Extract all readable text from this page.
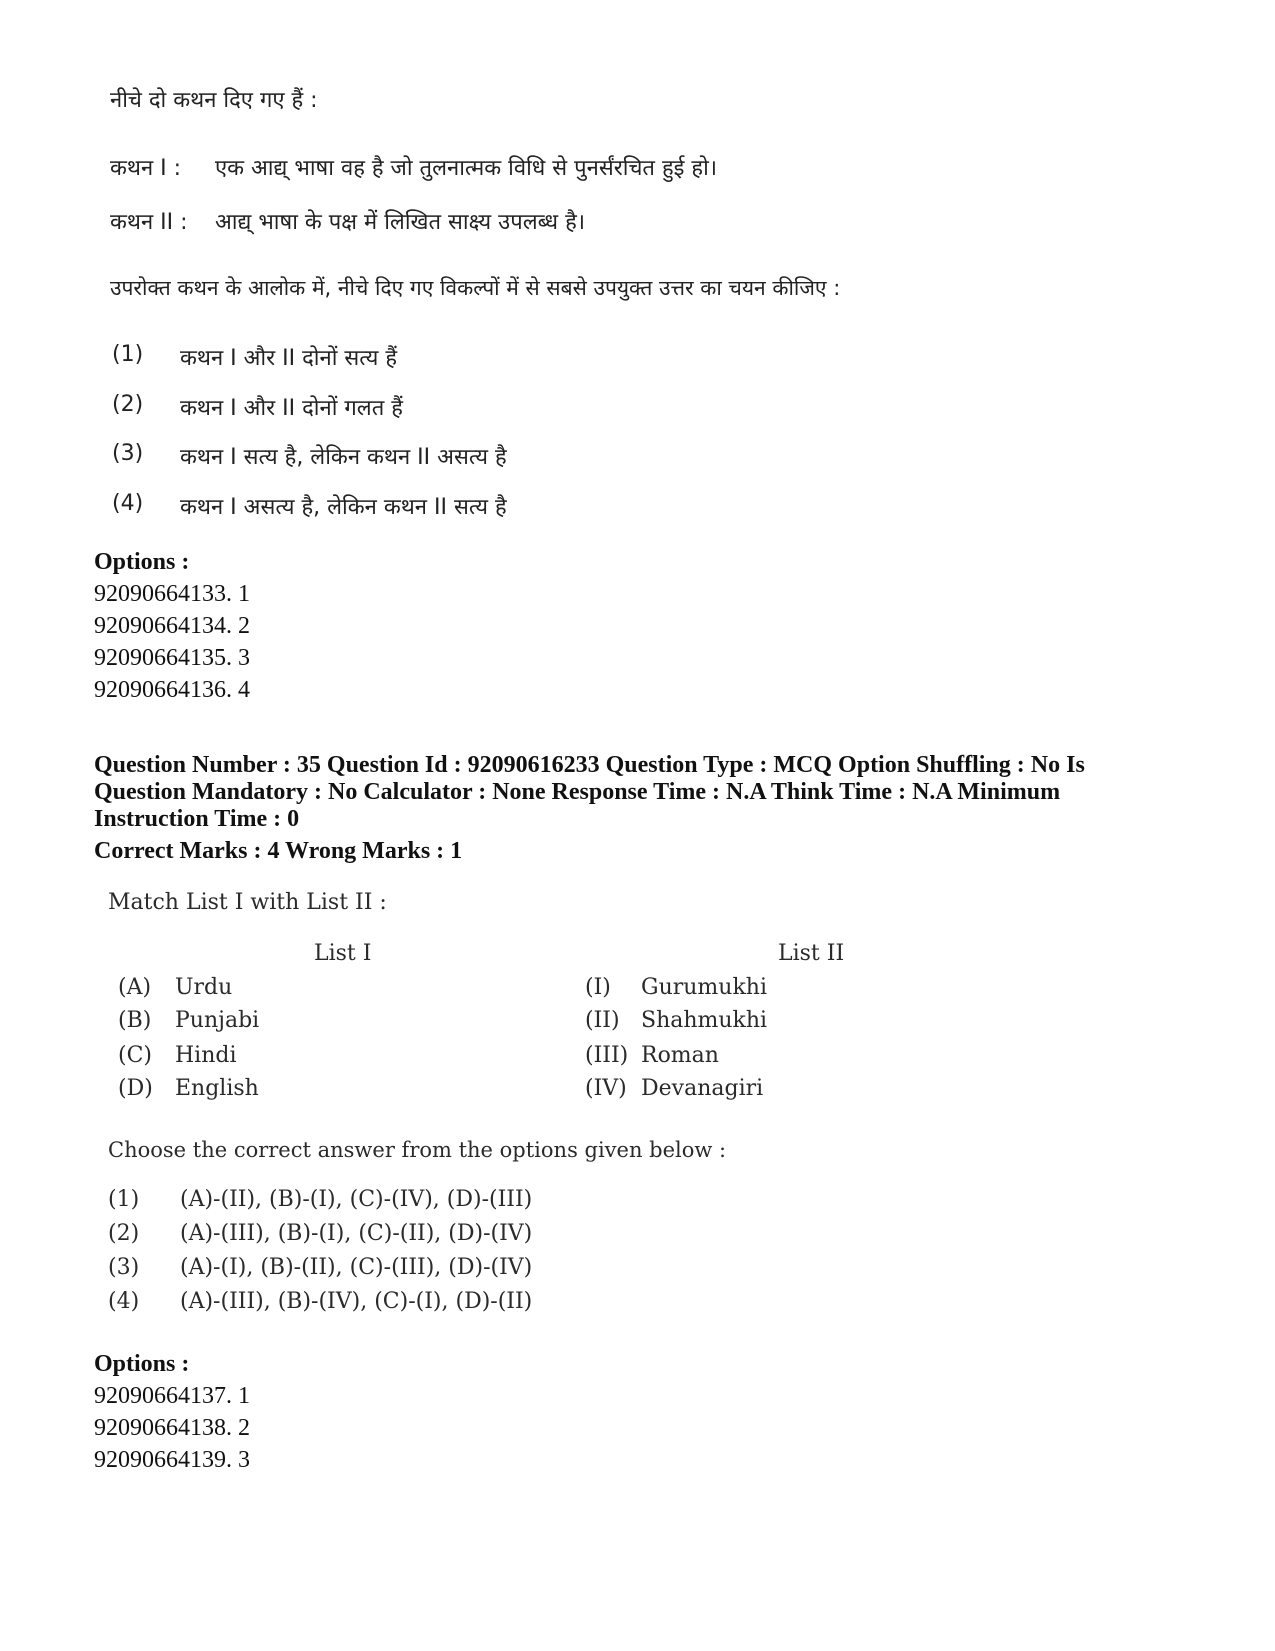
नीचे दो कथन दिए गए हैं :
कथन I : एक आद्य् भाषा वह है जो तुलनात्मक विधि से पुनर्संरचित हुई हो।
कथन II : आद्य् भाषा के पक्ष में लिखित साक्ष्य उपलब्ध है।
उपरोक्त कथन के आलोक में, नीचे दिए गए विकल्पों में से सबसे उपयुक्त उत्तर का चयन कीजिए :
(1) कथन I और II दोनों सत्य हैं
(2) कथन I और II दोनों गलत हैं
(3) कथन I सत्य है, लेकिन कथन II असत्य है
(4) कथन I असत्य है, लेकिन कथन II सत्य है
Options :
92090664133. 1
92090664134. 2
92090664135. 3
92090664136. 4
Question Number : 35 Question Id : 92090616233 Question Type : MCQ Option Shuffling : No Is
Question Mandatory : No Calculator : None Response Time : N.A Think Time : N.A Minimum
Instruction Time : 0
Correct Marks : 4 Wrong Marks : 1
Match List I with List II :
List I	List II
(A) Urdu	(I) Gurumukhi
(B) Punjabi	(II) Shahmukhi
(C) Hindi	(III) Roman
(D) English	(IV) Devanagiri
Choose the correct answer from the options given below :
(1) (A)-(II), (B)-(I), (C)-(IV), (D)-(III)
(2) (A)-(III), (B)-(I), (C)-(II), (D)-(IV)
(3) (A)-(I), (B)-(II), (C)-(III), (D)-(IV)
(4) (A)-(III), (B)-(IV), (C)-(I), (D)-(II)
Options :
92090664137. 1
92090664138. 2
92090664139. 3
